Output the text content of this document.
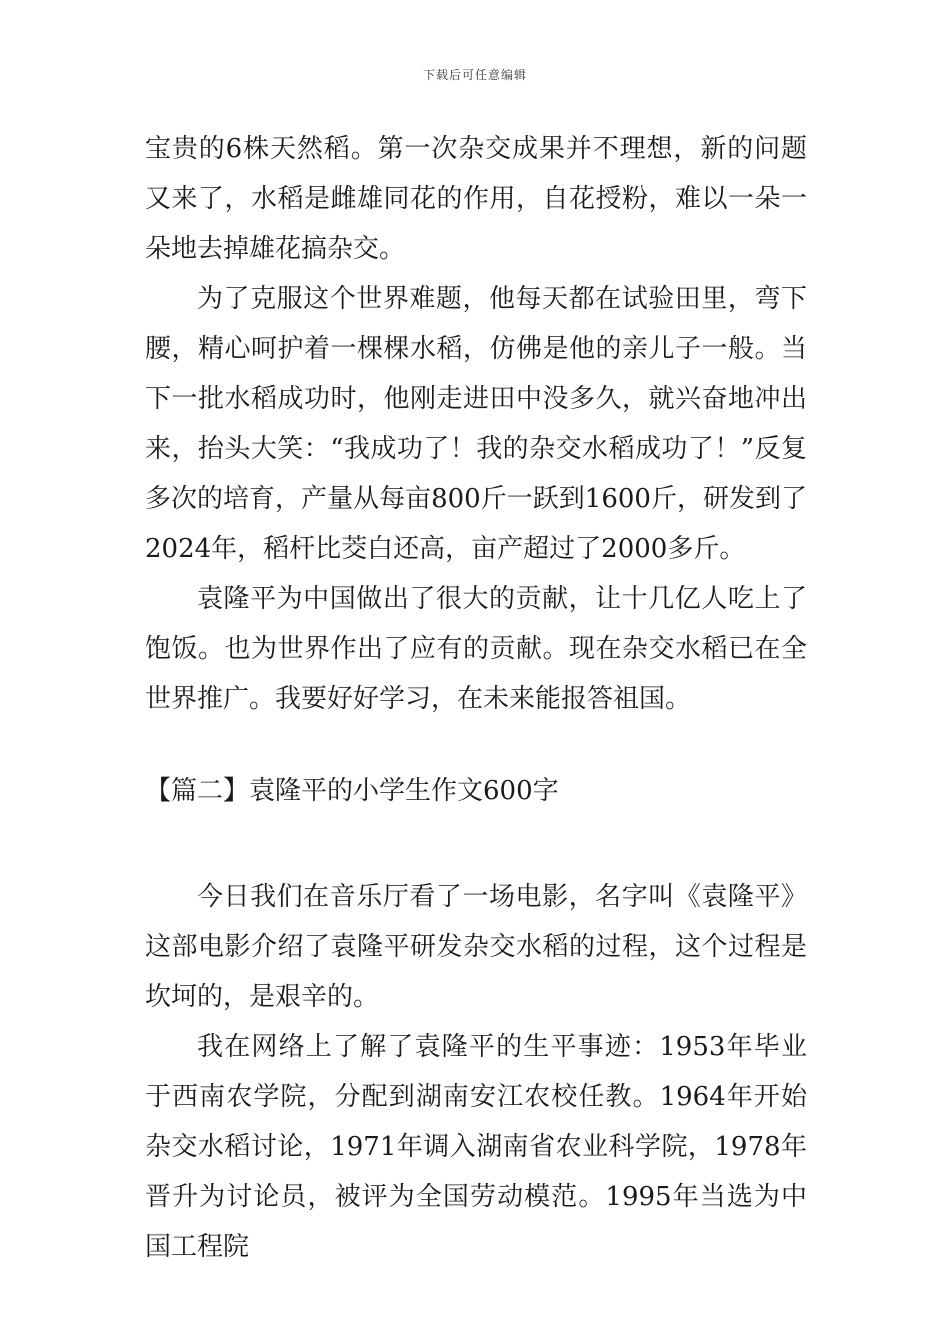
下载后可任意编辑

宝贵的6株天然稻。第一次杂交成果并不理想，新的问题又来了，水稻是雌雄同花的作用，自花授粉，难以一朵一朵地去掉雄花搞杂交。

为了克服这个世界难题，他每天都在试验田里，弯下腰，精心呵护着一棵棵水稻，仿佛是他的亲儿子一般。当下一批水稻成功时，他刚走进田中没多久，就兴奋地冲出来，抬头大笑：“我成功了！我的杂交水稻成功了！”反复多次的培育，产量从每亩800斤一跃到1600斤，研发到了2024年，稻杆比茭白还高，亩产超过了2000多斤。

袁隆平为中国做出了很大的贡献，让十几亿人吃上了饱饭。也为世界作出了应有的贡献。现在杂交水稻已在全世界推广。我要好好学习，在未来能报答祖国。

【篇二】袁隆平的小学生作文600字

今日我们在音乐厅看了一场电影，名字叫《袁隆平》这部电影介绍了袁隆平研发杂交水稻的过程，这个过程是坎坷的，是艰辛的。

我在网络上了解了袁隆平的生平事迹：1953年毕业于西南农学院，分配到湖南安江农校任教。1964年开始杂交水稻讨论，1971年调入湖南省农业科学院，1978年晋升为讨论员，被评为全国劳动模范。1995年当选为中国工程院
